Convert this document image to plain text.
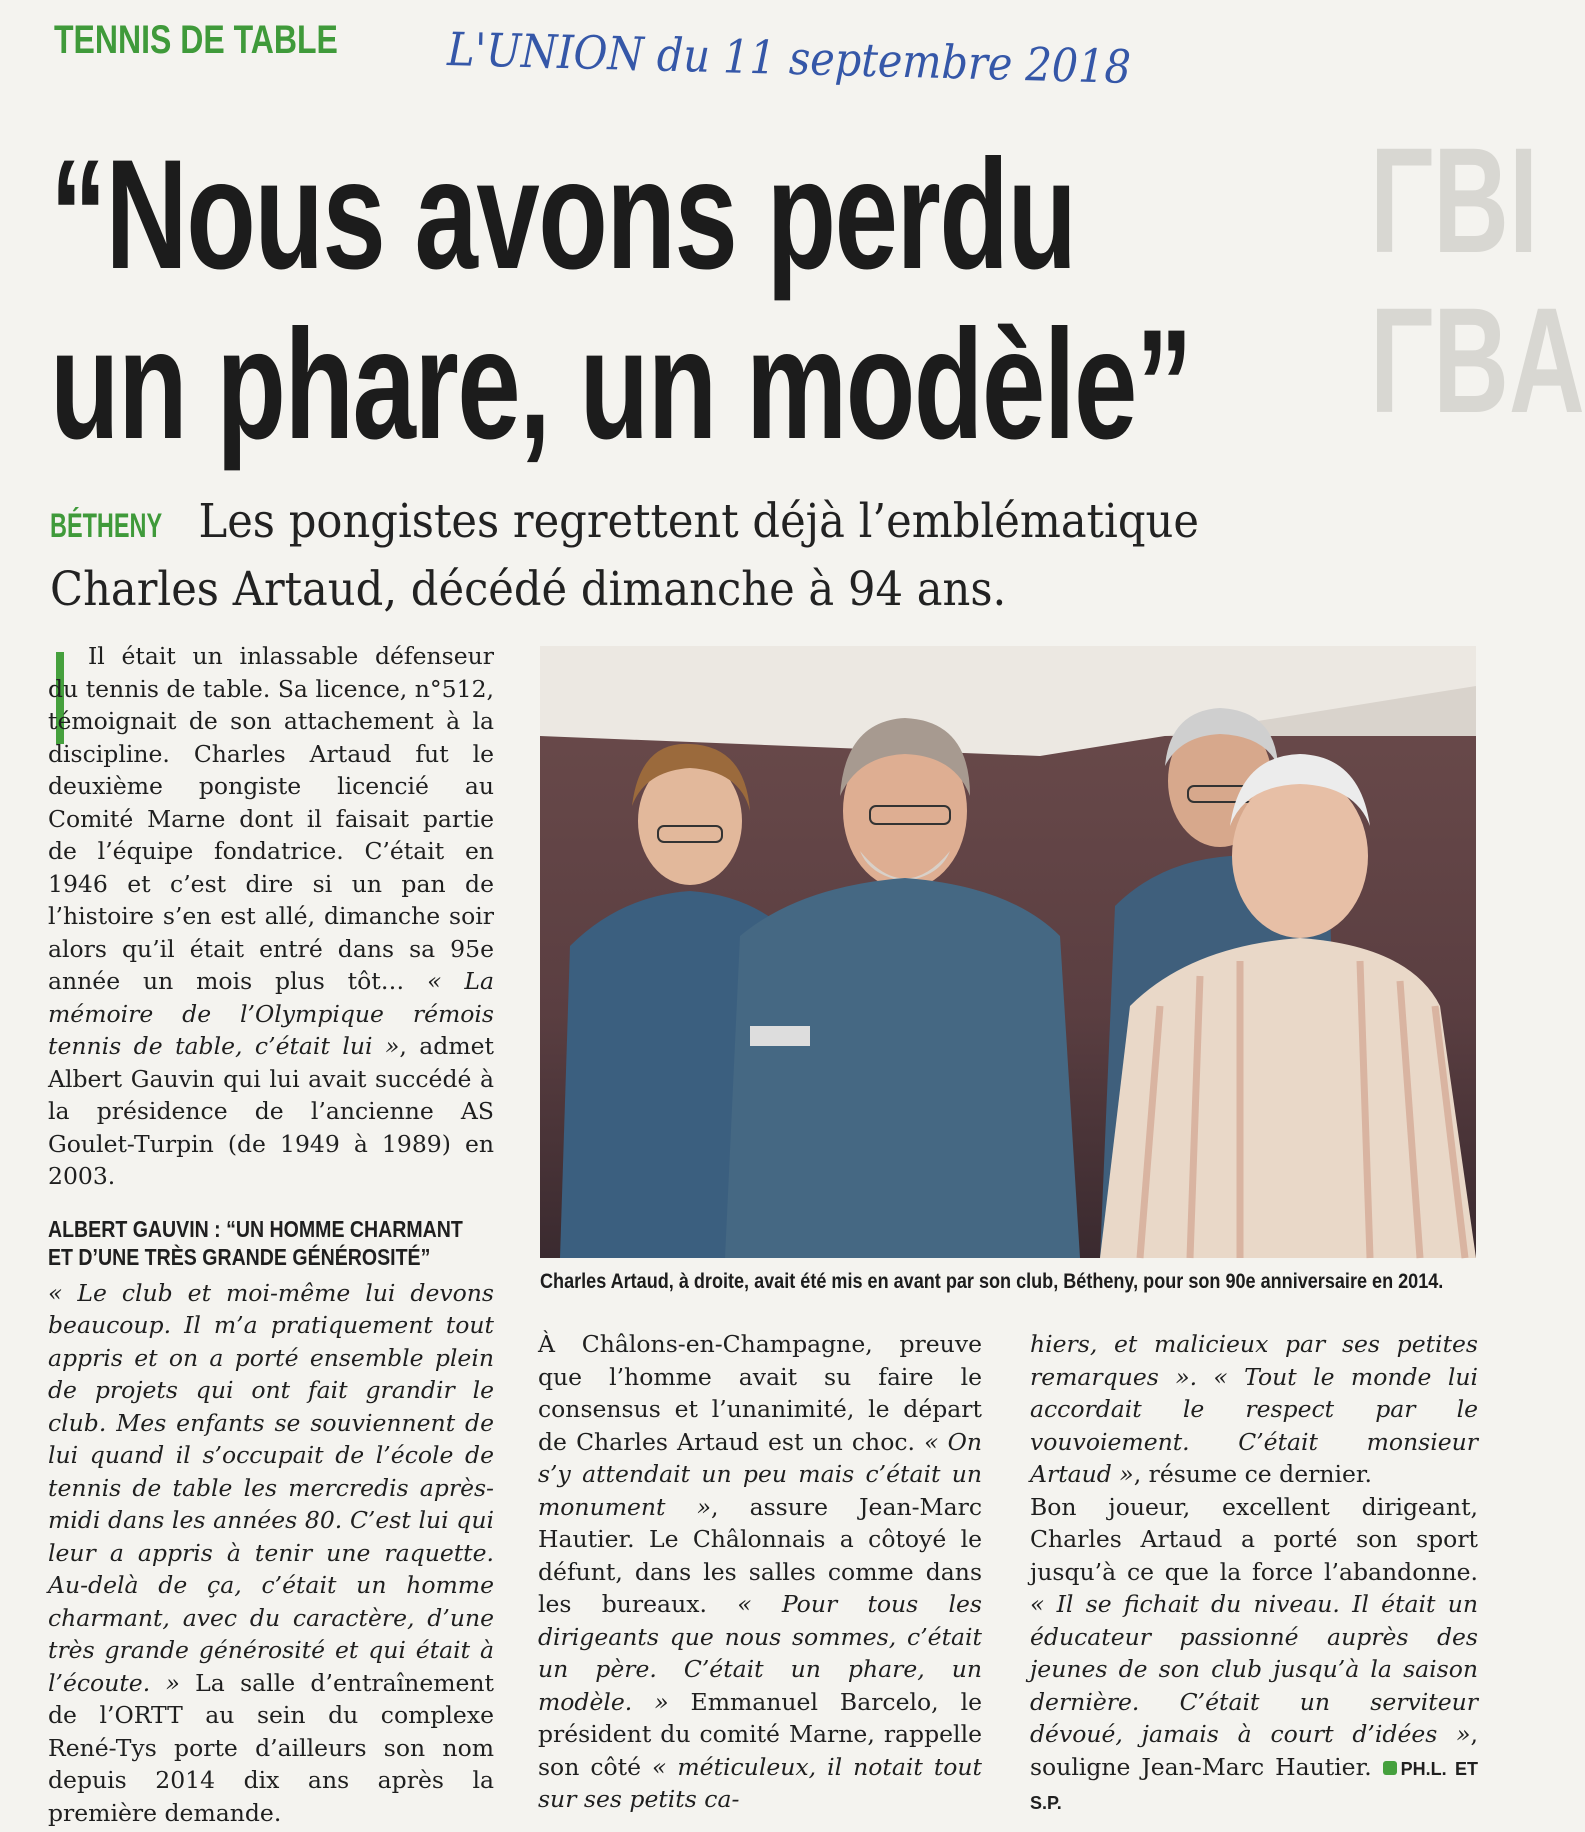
ΓBI
ΓBA
TENNIS DE TABLE L'UNION du 11 septembre 2018
“Nous avons perdu
un phare, un modèle”
BÉTHENY Les pongistes regrettent déjà l’emblématique Charles Artaud, décédé dimanche à 94 ans.

Il était un inlassable défenseur du tennis de table. Sa licence, n°512, témoignait de son attachement à la discipline. Charles Artaud fut le deuxième pongiste licencié au Comité Marne dont il faisait partie de l’équipe fondatrice. C’était en 1946 et c’est dire si un pan de l’histoire s’en est allé, dimanche soir alors qu’il était entré dans sa 95e année un mois plus tôt… « La mémoire de l’Olympique rémois tennis de table, c’était lui », admet Albert Gauvin qui lui avait succédé à la présidence de l’ancienne AS Goulet-Turpin (de 1949 à 1989) en 2003.

ALBERT GAUVIN : “UN HOMME CHARMANT ET D’UNE TRÈS GRANDE GÉNÉROSITÉ”

« Le club et moi-même lui devons beaucoup. Il m’a pratiquement tout appris et on a porté ensemble plein de projets qui ont fait grandir le club. Mes enfants se souviennent de lui quand il s’occupait de l’école de tennis de table les mercredis après-midi dans les années 80. C’est lui qui leur a appris à tenir une raquette. Au-delà de ça, c’était un homme charmant, avec du caractère, d’une très grande générosité et qui était à l’écoute. » La salle d’entraînement de l’ORTT au sein du complexe René-Tys porte d’ailleurs son nom depuis 2014 dix ans après la première demande.

Charles Artaud, à droite, avait été mis en avant par son club, Bétheny, pour son 90e anniversaire en 2014.

À Châlons-en-Champagne, preuve que l’homme avait su faire le consensus et l’unanimité, le départ de Charles Artaud est un choc. « On s’y attendait un peu mais c’était un monument », assure Jean-Marc Hautier. Le Châlonnais a côtoyé le défunt, dans les salles comme dans les bureaux. « Pour tous les dirigeants que nous sommes, c’était un père. C’était un phare, un modèle. » Emmanuel Barcelo, le président du comité Marne, rappelle son côté « méticuleux, il notait tout sur ses petits ca-

hiers, et malicieux par ses petites remarques ». « Tout le monde lui accordait le respect par le vouvoiement. C’était monsieur Artaud », résume ce dernier.

Bon joueur, excellent dirigeant, Charles Artaud a porté son sport jusqu’à ce que la force l’abandonne. « Il se fichait du niveau. Il était un éducateur passionné auprès des jeunes de son club jusqu’à la saison dernière. C’était un serviteur dévoué, jamais à court d’idées », souligne Jean-Marc Hautier. PH.L. ET S.P.
